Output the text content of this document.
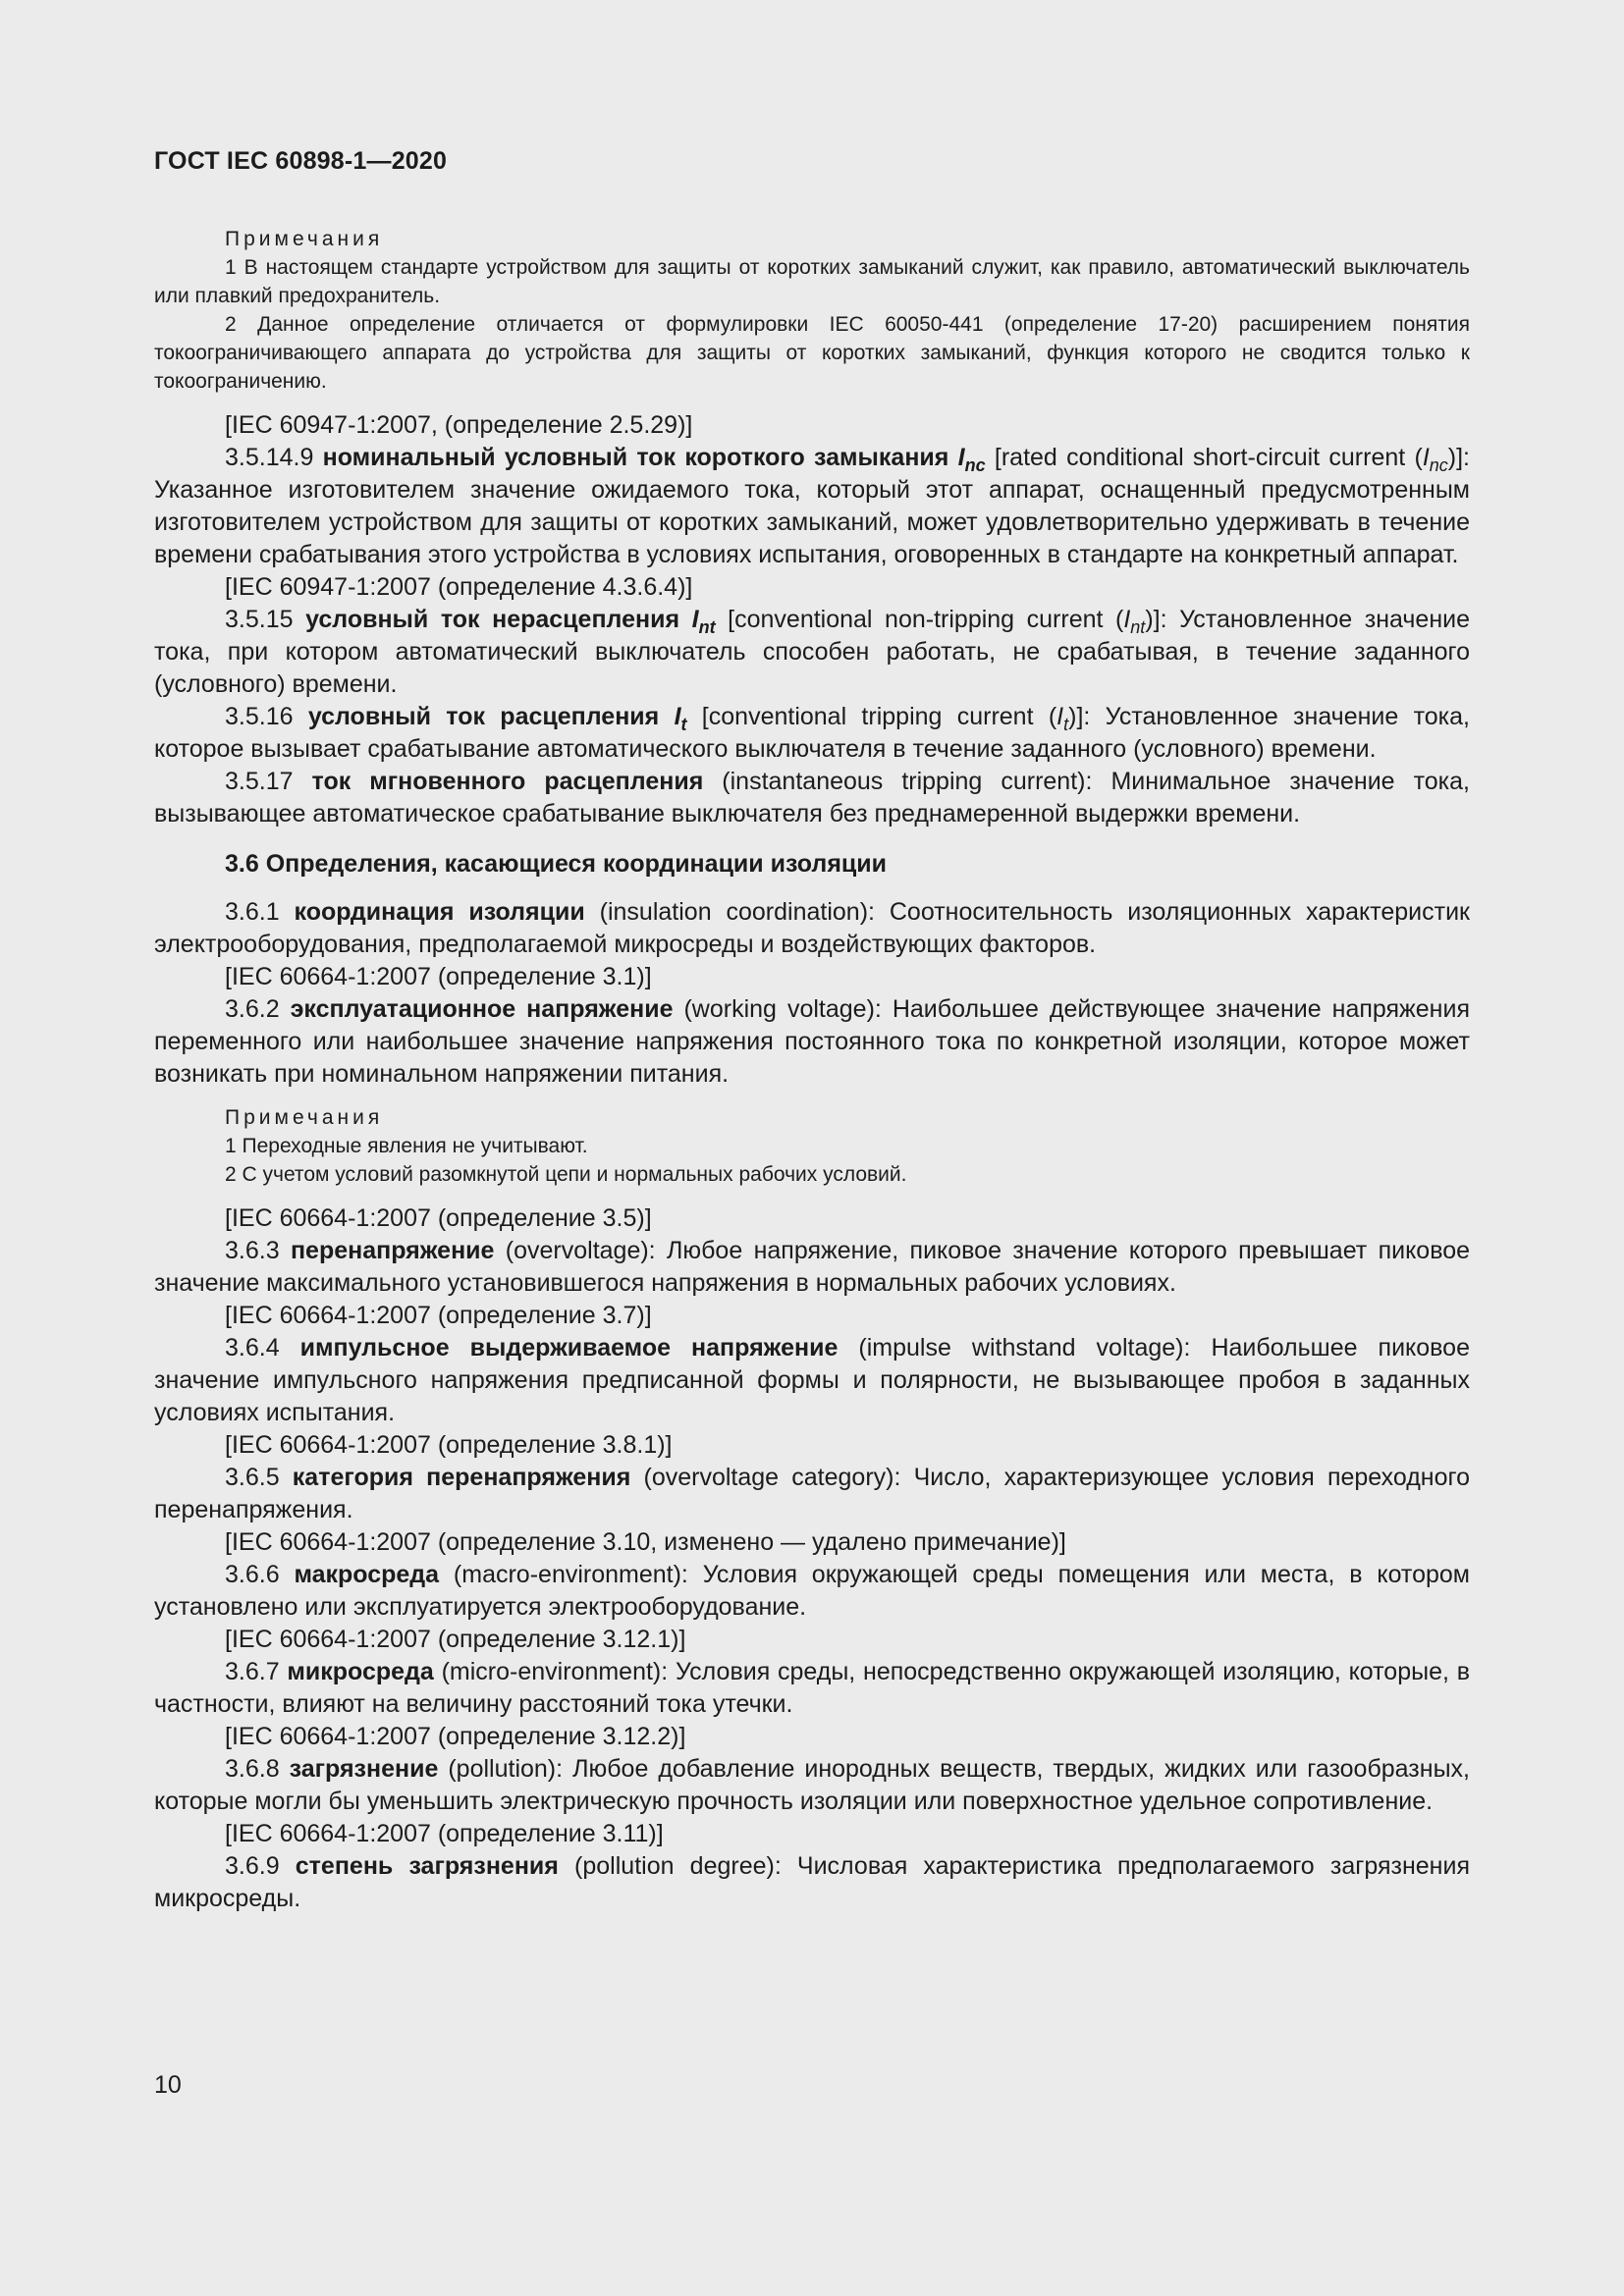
ГОСТ IEC 60898-1—2020
Примечания
1 В настоящем стандарте устройством для защиты от коротких замыканий служит, как правило, автоматический выключатель или плавкий предохранитель.
2 Данное определение отличается от формулировки IEC 60050-441 (определение 17-20) расширением понятия токоограничивающего аппарата до устройства для защиты от коротких замыканий, функция которого не сводится только к токоограничению.
[IEC 60947-1:2007, (определение 2.5.29)]
3.5.14.9 номинальный условный ток короткого замыкания $I_{nc}$ [rated conditional short-circuit current $(I_{nc})$]: Указанное изготовителем значение ожидаемого тока, который этот аппарат, оснащенный предусмотренным изготовителем устройством для защиты от коротких замыканий, может удовлетворительно удерживать в течение времени срабатывания этого устройства в условиях испытания, оговоренных в стандарте на конкретный аппарат.
[IEC 60947-1:2007 (определение 4.3.6.4)]
3.5.15 условный ток нерасцепления $I_{nt}$ [conventional non-tripping current $(I_{nt})$]: Установленное значение тока, при котором автоматический выключатель способен работать, не срабатывая, в течение заданного (условного) времени.
3.5.16 условный ток расцепления $I_t$ [conventional tripping current $(I_t)$]: Установленное значение тока, которое вызывает срабатывание автоматического выключателя в течение заданного (условного) времени.
3.5.17 ток мгновенного расцепления (instantaneous tripping current): Минимальное значение тока, вызывающее автоматическое срабатывание выключателя без преднамеренной выдержки времени.
3.6 Определения, касающиеся координации изоляции
3.6.1 координация изоляции (insulation coordination): Соотносительность изоляционных характеристик электрооборудования, предполагаемой микросреды и воздействующих факторов.
[IEC 60664-1:2007 (определение 3.1)]
3.6.2 эксплуатационное напряжение (working voltage): Наибольшее действующее значение напряжения переменного или наибольшее значение напряжения постоянного тока по конкретной изоляции, которое может возникать при номинальном напряжении питания.
Примечания
1 Переходные явления не учитывают.
2 С учетом условий разомкнутой цепи и нормальных рабочих условий.
[IEC 60664-1:2007 (определение 3.5)]
3.6.3 перенапряжение (overvoltage): Любое напряжение, пиковое значение которого превышает пиковое значение максимального установившегося напряжения в нормальных рабочих условиях.
[IEC 60664-1:2007 (определение 3.7)]
3.6.4 импульсное выдерживаемое напряжение (impulse withstand voltage): Наибольшее пиковое значение импульсного напряжения предписанной формы и полярности, не вызывающее пробоя в заданных условиях испытания.
[IEC 60664-1:2007 (определение 3.8.1)]
3.6.5 категория перенапряжения (overvoltage category): Число, характеризующее условия переходного перенапряжения.
[IEC 60664-1:2007 (определение 3.10, изменено — удалено примечание)]
3.6.6 макросреда (macro-environment): Условия окружающей среды помещения или места, в котором установлено или эксплуатируется электрооборудование.
[IEC 60664-1:2007 (определение 3.12.1)]
3.6.7 микросреда (micro-environment): Условия среды, непосредственно окружающей изоляцию, которые, в частности, влияют на величину расстояний тока утечки.
[IEC 60664-1:2007 (определение 3.12.2)]
3.6.8 загрязнение (pollution): Любое добавление инородных веществ, твердых, жидких или газообразных, которые могли бы уменьшить электрическую прочность изоляции или поверхностное удельное сопротивление.
[IEC 60664-1:2007 (определение 3.11)]
3.6.9 степень загрязнения (pollution degree): Числовая характеристика предполагаемого загрязнения микросреды.
10
